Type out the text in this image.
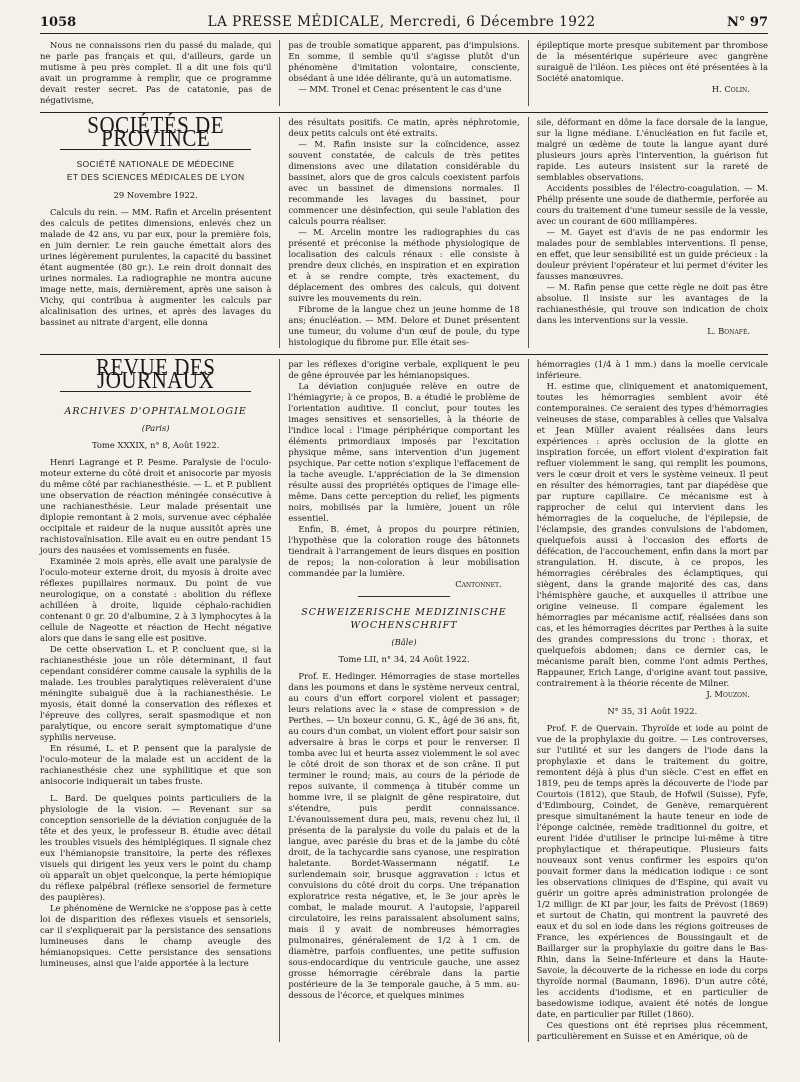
1058	LA PRESSE MÉDICALE, Mercredi, 6 Décembre 1922	N° 97

Nous ne connaissons rien du passé du malade, qui ne parle pas français et qui, d'ailleurs, garde un mutisme à peu près complet. Il a dit une fois qu'il avait un programme à remplir, que ce programme devait rester secret. Pas de catatonie, pas de négativisme,

pas de trouble somatique apparent, pas d'impulsions. En somme, il semble qu'il s'agisse plutôt d'un phénomène d'imitation volontaire, consciente, obsédant à une idée délirante, qu'à un automatisme.

— MM. Tronel et Cenac présentent le cas d'une

épileptique morte presque subitement par thrombose de la mésentérique supérieure avec gangrène suraiguë de l'iléon. Les pièces ont été présentées à la Société anatomique.

H. Colin.
SOCIÉTÉS DE PROVINCE
SOCIÉTÉ NATIONALE DE MÉDECINE
ET DES SCIENCES MÉDICALES DE LYON
29 Novembre 1922.

Calculs du rein. — MM. Rafin et Arcelin présentent des calculs de petites dimensions, enlevés chez un malade de 42 ans, vu par eux, pour la première fois, en juin dernier. Le rein gauche émettait alors des urines légèrement purulentes, la capacité du bassinet étant augmentée (80 gr.). Le rein droit donnait des urines normales. La radiographie ne montra aucune image nette, mais, dernièrement, après une saison à Vichy, qui contribua à augmenter les calculs par alcalinisation des urines, et après des lavages du bassinet au nitrate d'argent, elle donna

des résultats positifs. Ce matin, après néphrotomie, deux petits calculs ont été extraits.

— M. Rafin insiste sur la coïncidence, assez souvent constatée, de calculs de très petites dimensions avec une dilatation considérable du bassinet, alors que de gros calculs coexistent parfois avec un bassinet de dimensions normales. Il recommande les lavages du bassinet, pour commencer une désinfection, qui seule l'ablation des calculs pourra réaliser.

— M. Arcelin montre les radiographies du cas présenté et préconise la méthode physiologique de localisation des calculs rénaux : elle consiste à prendre deux clichés, en inspiration et en expiration et à se rendre compte, très exactement, du déplacement des ombres des calculs, qui doivent suivre les mouvements du rein.

Fibrome de la langue chez un jeune homme de 18 ans; énucléation. — MM. Delore et Dunet présentent une tumeur, du volume d'un œuf de poule, du type histologique du fibrome pur. Elle était ses-

sile, déformant en dôme la face dorsale de la langue, sur la ligne médiane. L'énucléation en fut facile et, malgré un œdème de toute la langue ayant duré plusieurs jours après l'intervention, la guérison fut rapide. Les auteurs insistent sur la rareté de semblables observations.

Accidents possibles de l'électro-coagulation. — M. Phélip présente une soude de diathermie, perforée au cours du traitement d'une tumeur sessile de la vessie, avec un courant de 600 milliampères.

— M. Gayet est d'avis de ne pas endormir les malades pour de semblables interventions. Il pense, en effet, que leur sensibilité est un guide précieux : la douleur prévient l'opérateur et lui permet d'éviter les fausses manœuvres.

— M. Rafin pense que cette règle ne doit pas être absolue. Il insiste sur les avantages de la rachianesthésie, qui trouve son indication de choix dans les interventions sur la vessie.

L. Bonafé.
REVUE DES JOURNAUX
ARCHIVES D'OPHTALMOLOGIE
(Paris)
Tome XXXIX, n° 8, Août 1922.

Henri Lagrange et P. Pesme. Paralysie de l'oculo-moteur externe du côté droit et anisocorie par myosis du même côté par rachianesthésie. — L. et P. publient une observation de réaction méningée consécutive à une rachianesthésie. Leur malade présentait une diplopie remontant à 2 mois, survenue avec céphalée occipitale et raideur de la nuque aussitôt après une rachistovaïnisation. Elle avait eu en outre pendant 15 jours des nausées et vomissements en fusée.

Examinée 2 mois après, elle avait une paralysie de l'oculo-moteur externe droit, du myosis à droite avec réflexes pupillaires normaux. Du point de vue neurologique, on a constaté : abolition du réflexe achilléen à droite, liquide céphalo-rachidien contenant 0 gr. 20 d'albumine, 2 à 3 lymphocytes à la cellule de Nageotte et réaction de Hecht négative alors que dans le sang elle est positive.

De cette observation L. et P. concluent que, si la rachianesthésie joue un rôle déterminant, il faut cependant considérer comme causale la syphilis de la malade. Les troubles paralytiques relèveraient d'une méningite subaiguë due à la rachianesthésie. Le myosis, était donné la conservation des réflexes et l'épreuve des collyres, serait spasmodique et non paralytique, ou encore serait symptomatique d'une syphilis nerveuse.

En résumé, L. et P. pensent que la paralysie de l'oculo-moteur de la malade est un accident de la rachianesthésie chez une syphilitique et que son anisocorie indiquerait un tabes fruste.

L. Bard. De quelques points particuliers de la physiologie de la vision. — Revenant sur sa conception sensorielle de la déviation conjuguée de la tête et des yeux, le professeur B. étudie avec détail les troubles visuels des hémiplégiques. Il signale chez eux l'hémianopsie transitoire, la perte des réflexes visuels qui dirigent les yeux vers le point du champ où apparaît un objet quelconque, la perte hémiopique du réflexe palpébral (réflexe sensoriel de fermeture des paupières).

Le phénomène de Wernicke ne s'oppose pas à cette loi de disparition des réflexes visuels et sensoriels, car il s'expliquerait par la persistance des sensations lumineuses dans le champ aveugle des hémianopsiques. Cette persistance des sensations lumineuses, ainsi que l'aide apportée à la lecture

par les réflexes d'origine verbale, expliquent le peu de gêne éprouvée par les hémianopsiques.

La déviation conjuguée relève en outre de l'hémiagyrie; à ce propos, B. a étudié le problème de l'orientation auditive. Il conclut, pour toutes les images sensitives et sensorielles, à la théorie de l'indice local : l'image périphérique comportant les éléments primordiaux imposés par l'excitation physique même, sans intervention d'un jugement psychique. Par cette notion s'explique l'effacement de la tache aveugle. L'appréciation de la 3e dimension résulte aussi des propriétés optiques de l'image elle-même. Dans cette perception du relief, les pigments noirs, mobilisés par la lumière, jouent un rôle essentiel.

Enfin, B. émet, à propos du pourpre rétinien, l'hypothèse que la coloration rouge des bâtonnets tiendrait à l'arrangement de leurs disques en position de repos; la non-coloration à leur mobilisation commandée par la lumière.

Cantonnet.
SCHWEIZERISCHE MEDIZINISCHE
WOCHENSCHRIFT
(Bâle)
Tome LII, n° 34, 24 Août 1922.

Prof. E. Hedinger. Hémorragies de stase mortelles dans les poumons et dans le système nerveux central, au cours d'un effort corporel violent et passager; leurs relations avec la « stase de compression » de Perthes. — Un boxeur connu, G. K., âgé de 36 ans, fit, au cours d'un combat, un violent effort pour saisir son adversaire à bras le corps et pour le renverser. Il tomba avec lui et heurta assez violemment le sol avec le côté droit de son thorax et de son crâne. Il put terminer le round; mais, au cours de la période de repos suivante, il commença à titubér comme un homme ivre, il se plaignit de gêne respiratoire, dut s'étendre, puis perdit connaissance. L'évanouissement dura peu, mais, revenu chez lui, il présenta de la paralysie du voile du palais et de la langue, avec parésie du bras et de la jambe du côté droit, de la tachycardie sans cyanose, une respiration haletante. Bordet-Wassermann négatif. Le surlendemain soir, brusque aggravation : ictus et convulsions du côté droit du corps. Une trépanation exploratrice resta négative, et, le 3e jour après le combat, le malade mourut. A l'autopsie, l'appareil circulatoire, les reins paraissaient absolument sains, mais il y avait de nombreuses hémorragies pulmonaires, généralement de 1/2 à 1 cm. de diamètre, parfois confluentes, une petite suffusion sous-endocardique du ventricule gauche, une assez grosse hémorragie cérébrale dans la partie postérieure de la 3e temporale gauche, à 5 mm. au-dessous de l'écorce, et quelques minimes

hémorragies (1/4 à 1 mm.) dans la moelle cervicale inférieure.

H. estime que, cliniquement et anatomiquement, toutes les hémorragies semblent avoir été contemporaines. Ce seraient des types d'hémorragies veineuses de stase, comparables à celles que Valsalva et Jean Müller avaient réalisées dans leurs expériences : après occlusion de la glotte en inspiration forcée, un effort violent d'expiration fait refluer violemment le sang, qui remplit les poumons, vers le cœur droit et vers le système veineux. Il peut en résulter des hémorragies, tant par diapédèse que par rupture capillaire. Ce mécanisme est à rapprocher de celui qui intervient dans les hémorragies de la coqueluche, de l'épilepsie, de l'éclampsie, des grandes convulsions de l'abdomen, quelquefois aussi à l'occasion des efforts de défécation, de l'accouchement, enfin dans la mort par strangulation. H. discute, à ce propos, les hémorragies cérébrales des éclamptiques, qui siègent, dans la grande majorité des cas, dans l'hémisphère gauche, et auxquelles il attribue une origine veineuse. Il compare également les hémorragies par mécanisme actif, réalisées dans son cas, et les hémorragies décrites par Perthes à la suite des grandes compressions du tronc : thorax, et quelquefois abdomen; dans ce dernier cas, le mécanisme paraît bien, comme l'ont admis Perthes, Rappauner, Erich Lange, d'origine avant tout passive, contrairement à la théorie récente de Milner.

J. Mouzon.
N° 35, 31 Août 1922.

Prof. F. de Quervain. Thyroïde et iode au point de vue de la prophylaxie du goitre. — Les controverses, sur l'utilité et sur les dangers de l'iode dans la prophylaxie et dans le traitement du goitre, remontent déjà à plus d'un siècle. C'est en effet en 1819, peu de temps après la découverte de l'iode par Courtois (1812), que Staub, de Hofwil (Suisse), Fyfe, d'Edimbourg, Coindet, de Genève, remarquèrent presque simultanément la haute teneur en iode de l'éponge calcinée, remède traditionnel du goitre, et eurent l'idée d'utiliser le principe lui-même à titre prophylactique et thérapeutique. Plusieurs faits nouveaux sont venus confirmer les espoirs qu'on pouvait former dans la médication iodique : ce sont les observations cliniques de d'Espine, qui avait vu guérir un goitre après administration prolongée de 1/2 milligr. de KI par jour, les faits de Prévost (1869) et surtout de Chatin, qui montrent la pauvreté des eaux et du sol en iode dans les régions goitreuses de France, les expériences de Boussingault et de Baillarger sur la prophylaxie du goitre dans le Bas-Rhin, dans la Seine-Inférieure et dans la Haute-Savoie, la découverte de la richesse en iode du corps thyroïde normal (Baumann, 1896). D'un autre côté, les accidents d'iodisme, et en particulier de basedowisme iodique, avaient été notés de longue date, en particulier par Rillet (1860).

Ces questions ont été reprises plus récemment, particulièrement en Suisse et en Amérique, où de
